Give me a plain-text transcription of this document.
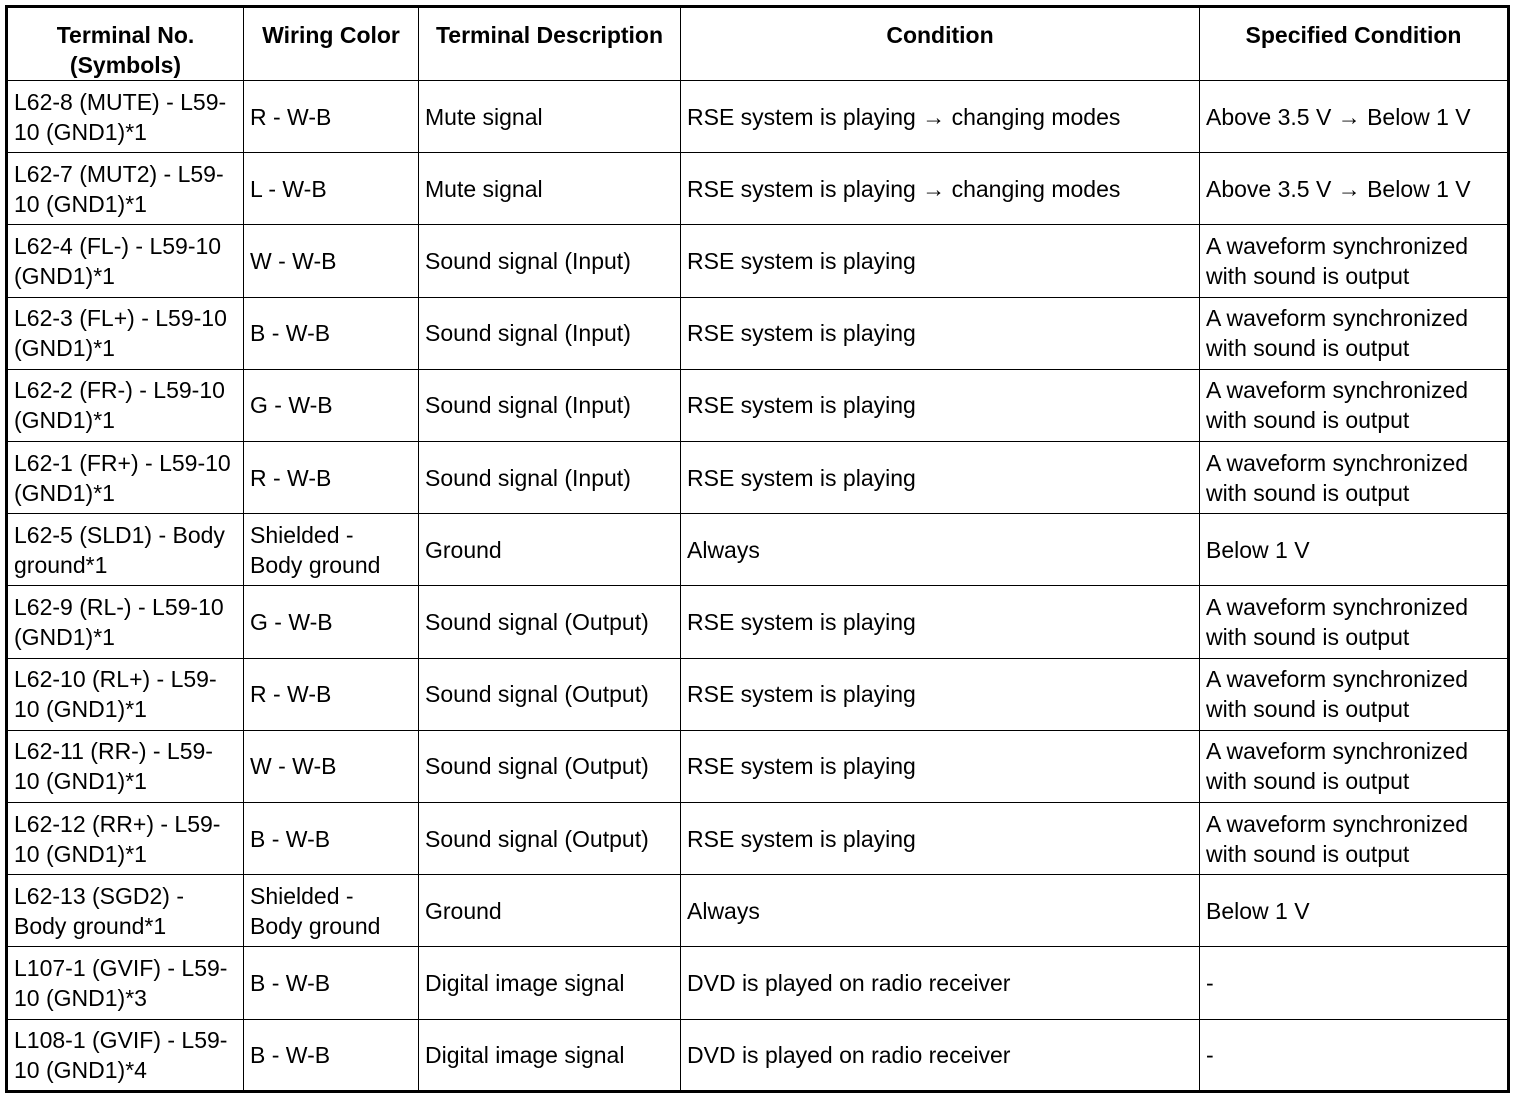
Terminal No. (Symbols)	Wiring Color	Terminal Description	Condition	Specified Condition
L62-8 (MUTE) - L59-10 (GND1)*1	R - W-B	Mute signal	RSE system is playing → changing modes	Above 3.5 V → Below 1 V
L62-7 (MUT2) - L59-10 (GND1)*1	L - W-B	Mute signal	RSE system is playing → changing modes	Above 3.5 V → Below 1 V
L62-4 (FL-) - L59-10 (GND1)*1	W - W-B	Sound signal (Input)	RSE system is playing	A waveform synchronized with sound is output
L62-3 (FL+) - L59-10 (GND1)*1	B - W-B	Sound signal (Input)	RSE system is playing	A waveform synchronized with sound is output
L62-2 (FR-) - L59-10 (GND1)*1	G - W-B	Sound signal (Input)	RSE system is playing	A waveform synchronized with sound is output
L62-1 (FR+) - L59-10 (GND1)*1	R - W-B	Sound signal (Input)	RSE system is playing	A waveform synchronized with sound is output
L62-5 (SLD1) - Body ground*1	Shielded - Body ground	Ground	Always	Below 1 V
L62-9 (RL-) - L59-10 (GND1)*1	G - W-B	Sound signal (Output)	RSE system is playing	A waveform synchronized with sound is output
L62-10 (RL+) - L59-10 (GND1)*1	R - W-B	Sound signal (Output)	RSE system is playing	A waveform synchronized with sound is output
L62-11 (RR-) - L59-10 (GND1)*1	W - W-B	Sound signal (Output)	RSE system is playing	A waveform synchronized with sound is output
L62-12 (RR+) - L59-10 (GND1)*1	B - W-B	Sound signal (Output)	RSE system is playing	A waveform synchronized with sound is output
L62-13 (SGD2) - Body ground*1	Shielded - Body ground	Ground	Always	Below 1 V
L107-1 (GVIF) - L59-10 (GND1)*3	B - W-B	Digital image signal	DVD is played on radio receiver	-
L108-1 (GVIF) - L59-10 (GND1)*4	B - W-B	Digital image signal	DVD is played on radio receiver	-
